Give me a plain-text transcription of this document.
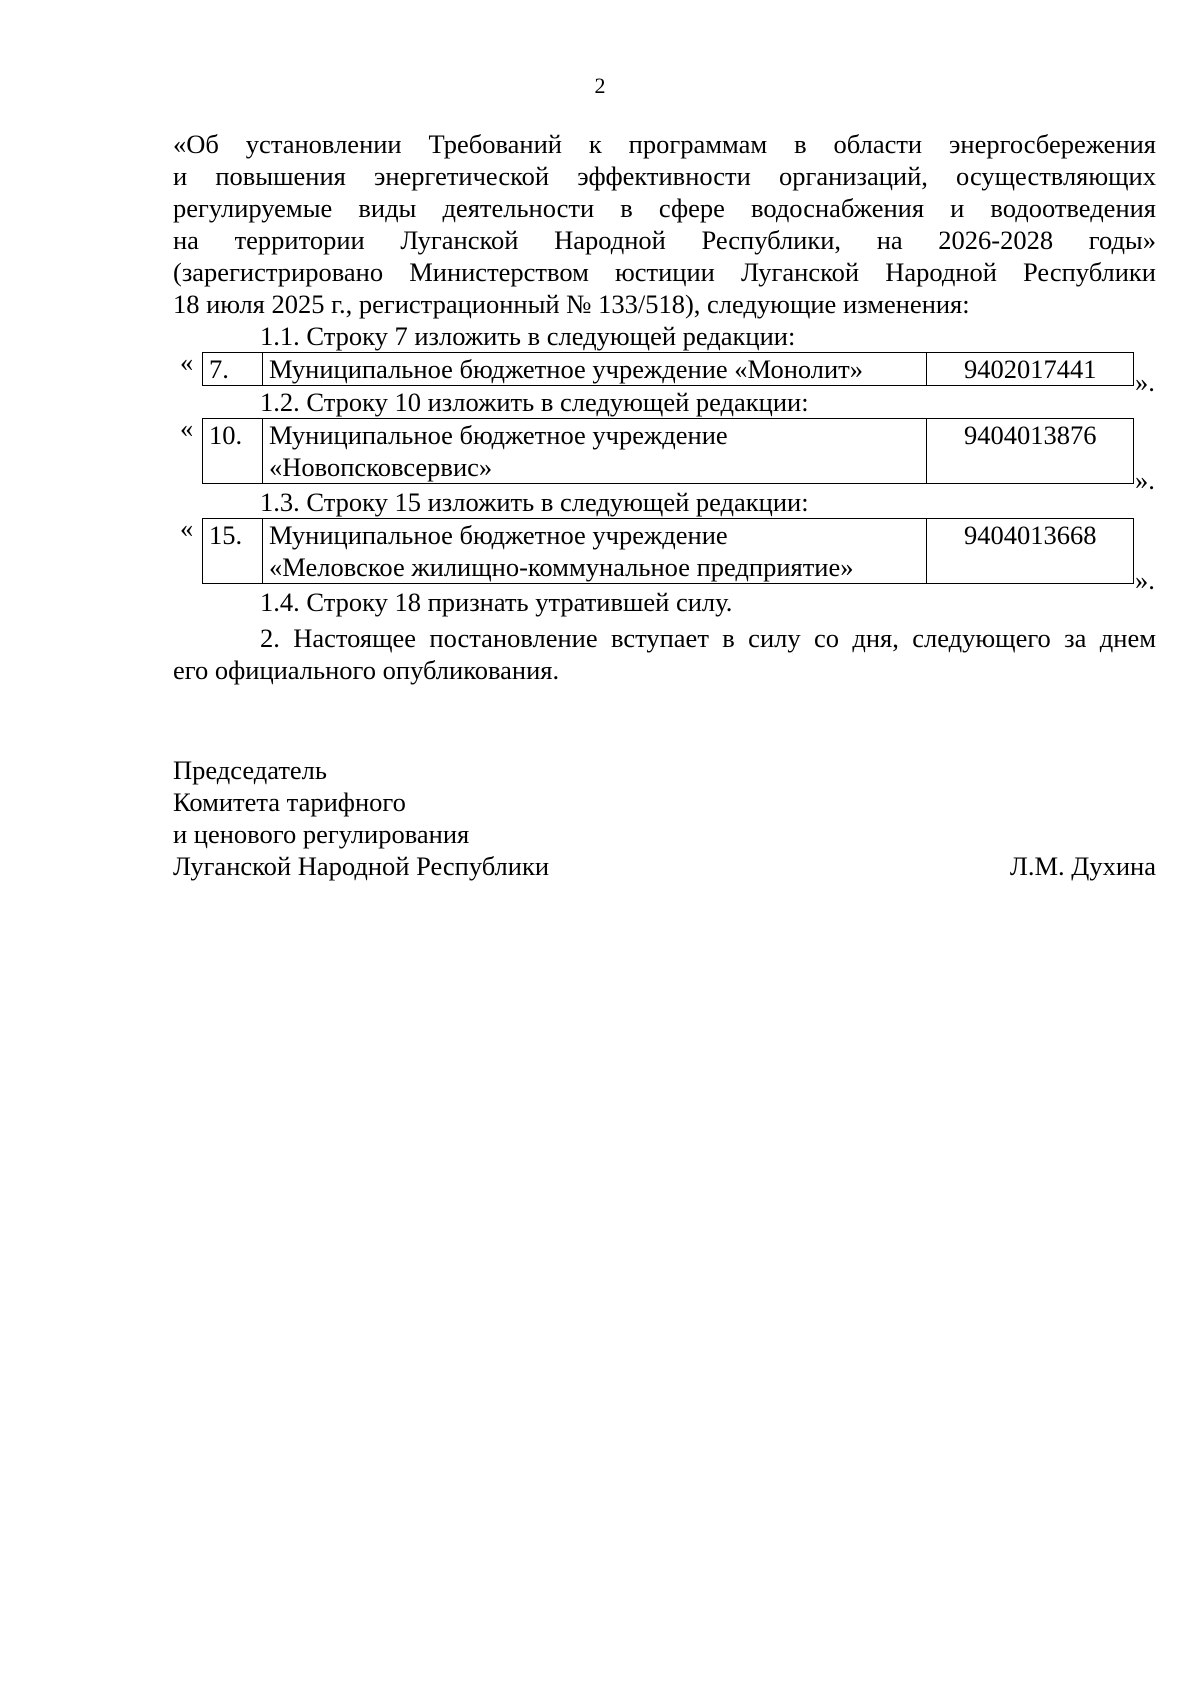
2
«Об установлении Требований к программам в области энергосбережения
и повышения энергетической эффективности организаций, осуществляющих
регулируемые виды деятельности в сфере водоснабжения и водоотведения
на территории Луганской Народной Республики, на 2026-2028 годы»
(зарегистрировано Министерством юстиции Луганской Народной Республики
18 июля 2025 г., регистрационный № 133/518), следующие изменения:
1.1. Строку 7 изложить в следующей редакции:
« 7.	Муниципальное бюджетное учреждение «Монолит»	9402017441 ».
1.2. Строку 10 изложить в следующей редакции:
« 10.	Муниципальное бюджетное учреждение
«Новопсковсервис»
	9404013876
».
1.3. Строку 15 изложить в следующей редакции:
« 15.	Муниципальное бюджетное учреждение
«Меловское жилищно-коммунальное предприятие»
	9404013668
».
1.4. Строку 18 признать утратившей силу.
2. Настоящее постановление вступает в силу со дня, следующего за днем
его официального опубликования.
Председатель
Комитета тарифного
и ценового регулирования
Луганской Народной Республики	Л.М. Духина
